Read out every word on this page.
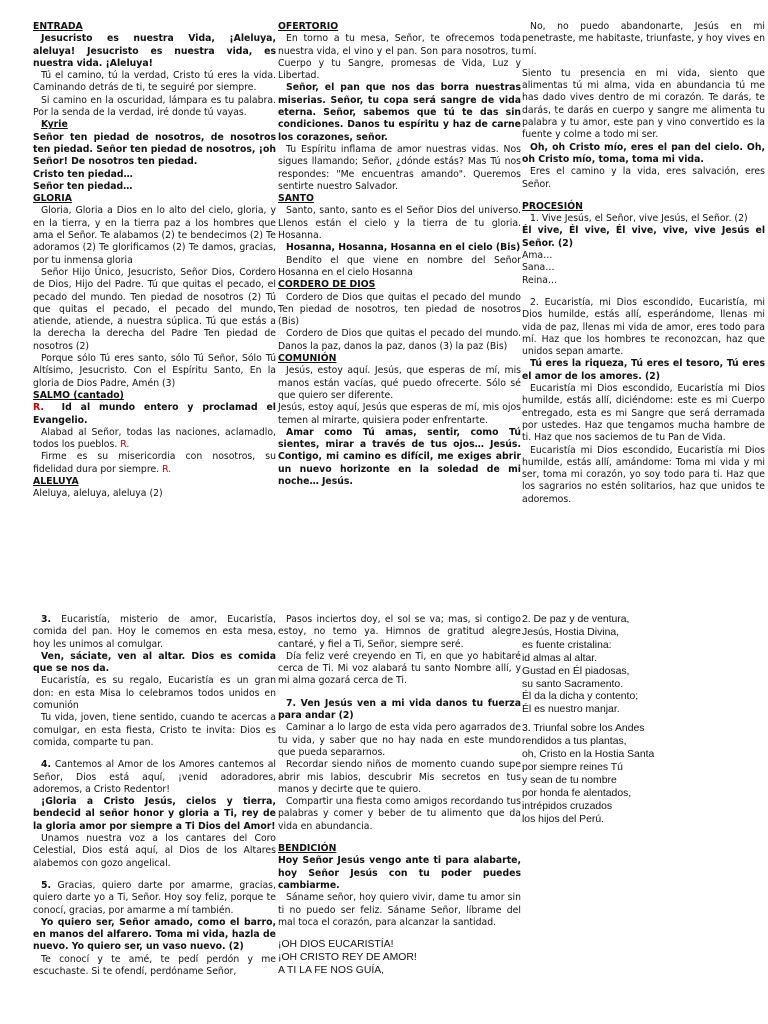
ENTRADA

Jesucristo es nuestra Vida, ¡Aleluya, aleluya! Jesucristo es nuestra vida, es nuestra vida. ¡Aleluya!

Tú el camino, tú la verdad, Cristo tú eres la vida. Caminando detrás de ti, te seguiré por siempre.

Si camino en la oscuridad, lámpara es tu palabra. Por la senda de la verdad, iré donde tú vayas.

Kyrie

Señor ten piedad de nosotros, de nosotros ten piedad. Señor ten piedad de nosotros, ¡oh Señor! De nosotros ten piedad.

Cristo ten piedad…

Señor ten piedad…

GLORIA

Gloria, Gloria a Dios en lo alto del cielo, gloria, y en la tierra, y en la tierra paz a los hombres que ama el Señor. Te alabamos (2) te bendecimos (2) Te adoramos (2) Te glorificamos (2) Te damos, gracias, por tu inmensa gloria

Señor Hijo Único, Jesucristo, Señor Dios, Cordero de Dios, Hijo del Padre. Tú que quitas el pecado, el pecado del mundo. Ten piedad de nosotros (2) Tú que quitas el pecado, el pecado del mundo, atiende, atiende, a nuestra súplica. Tú que estás a la derecha la derecha del Padre Ten piedad de nosotros (2)

Porque sólo Tú eres santo, sólo Tú Señor, Sólo Tú Altísimo, Jesucristo. Con el Espíritu Santo, En la gloria de Dios Padre, Amén (3)

SALMO (cantado)

R. Id al mundo entero y proclamad el Evangelio.

Alabad al Señor, todas las naciones, aclamadlo, todos los pueblos. R.

Firme es su misericordia con nosotros, su fidelidad dura por siempre. R.

ALELUYA

Aleluya, aleluya, aleluya (2)

OFERTORIO

En torno a tu mesa, Señor, te ofrecemos toda nuestra vida, el vino y el pan. Son para nosotros, tu Cuerpo y tu Sangre, promesas de Vida, Luz y Libertad.

Señor, el pan que nos das borra nuestras miserias. Señor, tu copa será sangre de vida eterna. Señor, sabemos que tú te das sin condiciones. Danos tu espíritu y haz de carne los corazones, señor.

Tu Espíritu inflama de amor nuestras vidas. Nos sigues llamando; Señor, ¿dónde estás? Mas Tú nos respondes: "Me encuentras amando". Queremos sentirte nuestro Salvador.

SANTO

Santo, santo, santo es el Señor Dios del universo. Llenos están el cielo y la tierra de tu gloria. Hosanna.

Hosanna, Hosanna, Hosanna en el cielo (Bis)

Bendito el que viene en nombre del Señor Hosanna en el cielo Hosanna

CORDERO DE DIOS

Cordero de Dios que quitas el pecado del mundo Ten piedad de nosotros, ten piedad de nosotros (Bis)

Cordero de Dios que quitas el pecado del mundo. Danos la paz, danos la paz, danos (3) la paz (Bis)

COMUNIÓN

Jesús, estoy aquí. Jesús, que esperas de mí, mis manos están vacías, qué puedo ofrecerte. Sólo sé que quiero ser diferente.

Jesús, estoy aquí, Jesús que esperas de mí, mis ojos temen al mirarte, quisiera poder enfrentarte.

Amar como Tú amas, sentir, como Tú sientes, mirar a través de tus ojos… Jesús. Contigo, mi camino es difícil, me exiges abrir un nuevo horizonte en la soledad de mi noche… Jesús.

No, no puedo abandonarte, Jesús en mi penetraste, me habitaste, triunfaste, y hoy vives en mí.

Siento tu presencia en mi vida, siento que alimentas tú mi alma, vida en abundancia tú me has dado vives dentro de mi corazón. Te darás, te darás, te darás en cuerpo y sangre me alimenta tu palabra y tu amor, este pan y vino convertido es la fuente y colme a todo mi ser.

Oh, oh Cristo mío, eres el pan del cielo. Oh, oh Cristo mío, toma, toma mi vida.

Eres el camino y la vida, eres salvación, eres Señor.

PROCESIÓN

1. Vive Jesús, el Señor, vive Jesús, el Señor. (2)

Él vive, Él vive, Él vive, vive, vive Jesús el Señor. (2)

Ama…

Sana…

Reina…

2. Eucaristía, mi Dios escondido, Eucaristía, mi Dios humilde, estás allí, esperándome, llenas mi vida de paz, llenas mi vida de amor, eres todo para mí. Haz que los hombres te reconozcan, haz que unidos sepan amarte.

Tú eres la riqueza, Tú eres el tesoro, Tú eres el amor de los amores. (2)

Eucaristía mi Dios escondido, Eucaristía mi Dios humilde, estás allí, diciéndome: este es mi Cuerpo entregado, esta es mi Sangre que será derramada por ustedes. Haz que tengamos mucha hambre de ti. Haz que nos saciemos de tu Pan de Vida.

Eucaristía mi Dios escondido, Eucaristía mi Dios humilde, estás allí, amándome: Toma mi vida y mi ser, toma mi corazón, yo soy todo para ti. Haz que los sagrarios no estén solitarios, haz que unidos te adoremos.

3. Eucaristía, misterio de amor, Eucaristía, comida del pan. Hoy le comemos en esta mesa, hoy les unimos al comulgar.

Ven, sáciate, ven al altar. Dios es comida que se nos da.

Eucaristía, es su regalo, Eucaristía es un gran don: en esta Misa lo celebramos todos unidos en comunión

Tu vida, joven, tiene sentido, cuando te acercas a comulgar, en esta fiesta, Cristo te invita: Dios es comida, comparte tu pan.

4. Cantemos al Amor de los Amores cantemos al Señor, Dios está aquí, ¡venid adoradores, adoremos, a Cristo Redentor!

¡Gloria a Cristo Jesús, cielos y tierra, bendecid al señor honor y gloria a Ti, rey de la gloria amor por siempre a Ti Dios del Amor!

Unamos nuestra voz a los cantares del Coro Celestial, Dios está aquí, al Dios de los Altares alabemos con gozo angelical.

5. Gracias, quiero darte por amarme, gracias, quiero darte yo a Ti, Señor. Hoy soy feliz, porque te conocí, gracias, por amarme a mí también.

Yo quiero ser, Señor amado, como el barro, en manos del alfarero. Toma mi vida, hazla de nuevo. Yo quiero ser, un vaso nuevo. (2)

Te conocí y te amé, te pedí perdón y me escuchaste. Si te ofendí, perdóname Señor,

Pasos inciertos doy, el sol se va; mas, si contigo estoy, no temo ya. Himnos de gratitud alegre cantaré, y fiel a Ti, Señor, siempre seré.

Día feliz veré creyendo en Ti, en que yo habitaré cerca de Ti. Mi voz alabará tu santo Nombre allí, y mi alma gozará cerca de Ti.

7. Ven Jesús ven a mi vida danos tu fuerza para andar (2)

Caminar a lo largo de esta vida pero agarrados de tu vida, y saber que no hay nada en este mundo que pueda separarnos.

Recordar siendo niños de momento cuando supe abrir mis labios, descubrir Mis secretos en tus manos y decirte que te quiero.

Compartir una fiesta como amigos recordando tus palabras y comer y beber de tu alimento que da vida en abundancia.

BENDICIÓN

Hoy Señor Jesús vengo ante ti para alabarte, hoy Señor Jesús con tu poder puedes cambiarme.

Sáname señor, hoy quiero vivir, dame tu amor sin ti no puedo ser feliz. Sáname Señor, líbrame del mal toca el corazón, para alcanzar la santidad.

¡OH DIOS EUCARISTÍA!

¡OH CRISTO REY DE AMOR!

A TI LA FE NOS GUÍA,

2. De paz y de ventura,

Jesús, Hostia Divina,

es fuente cristalina:

id almas al altar.

Gustad en Él piadosas,

su santo Sacramento.

Él da la dicha y contento;

Él es nuestro manjar.

3. Triunfal sobre los Andes

rendidos a tus plantas,

oh, Cristo en la Hostia Santa

por siempre reines Tú

y sean de tu nombre

por honda fe alentados,

intrépidos cruzados

los hijos del Perú.
